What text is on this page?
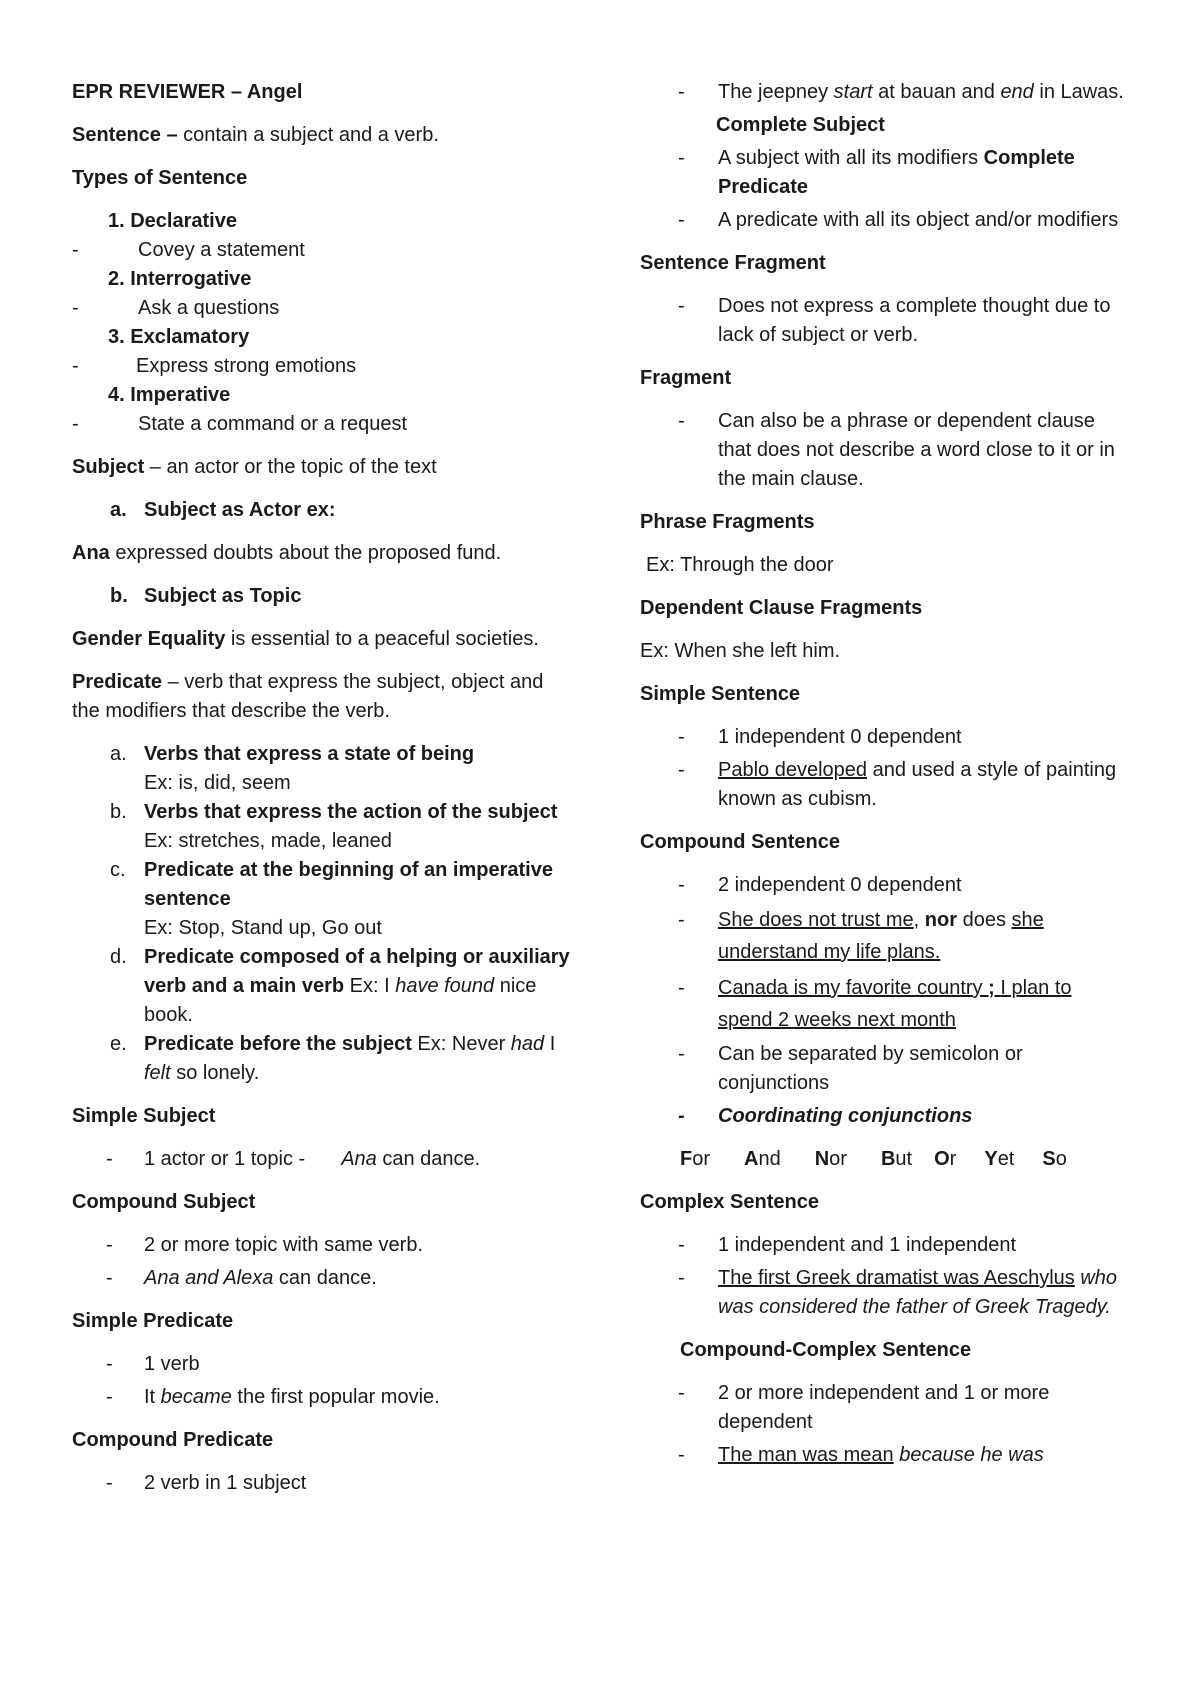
EPR REVIEWER – Angel

Sentence – contain a subject and a verb.

Types of Sentence

1. Declarative

- Covey a statement

2. Interrogative

- Ask a questions

3. Exclamatory

- Express strong emotions

4. Imperative

- State a command or a request

Subject – an actor or the topic of the text

a. Subject as Actor ex:

Ana expressed doubts about the proposed fund.

b. Subject as Topic

Gender Equality is essential to a peaceful societies.

Predicate – verb that express the subject, object and the modifiers that describe the verb.

a. Verbs that express a state of being

Ex: is, did, seem

b. Verbs that express the action of the subject

Ex: stretches, made, leaned

c. Predicate at the beginning of an imperative sentence

Ex: Stop, Stand up, Go out

d. Predicate composed of a helping or auxiliary verb and a main verb Ex: I have found nice book.

e. Predicate before the subject Ex: Never had I felt so lonely.

Simple Subject

- 1 actor or 1 topic - Ana can dance.

Compound Subject

- 2 or more topic with same verb.

- Ana and Alexa can dance.

Simple Predicate

- 1 verb

- It became the first popular movie.

Compound Predicate

- 2 verb in 1 subject

- The jeepney start at bauan and end in Lawas.

Complete Subject

- A subject with all its modifiers Complete Predicate

- A predicate with all its object and/or modifiers

Sentence Fragment

- Does not express a complete thought due to lack of subject or verb.

Fragment

- Can also be a phrase or dependent clause that does not describe a word close to it or in the main clause.

Phrase Fragments

Ex: Through the door

Dependent Clause Fragments

Ex: When she left him.

Simple Sentence

- 1 independent 0 dependent

- Pablo developed and used a style of painting known as cubism.

Compound Sentence

- 2 independent 0 dependent

- She does not trust me, nor does she understand my life plans.

- Canada is my favorite country ; I plan to spend 2 weeks next month

- Can be separated by semicolon or conjunctions

- Coordinating conjunctions

For And Nor But Or Yet So

Complex Sentence

- 1 independent and 1 independent

- The first Greek dramatist was Aeschylus who was considered the father of Greek Tragedy.

Compound-Complex Sentence

- 2 or more independent and 1 or more dependent

- The man was mean because he was
